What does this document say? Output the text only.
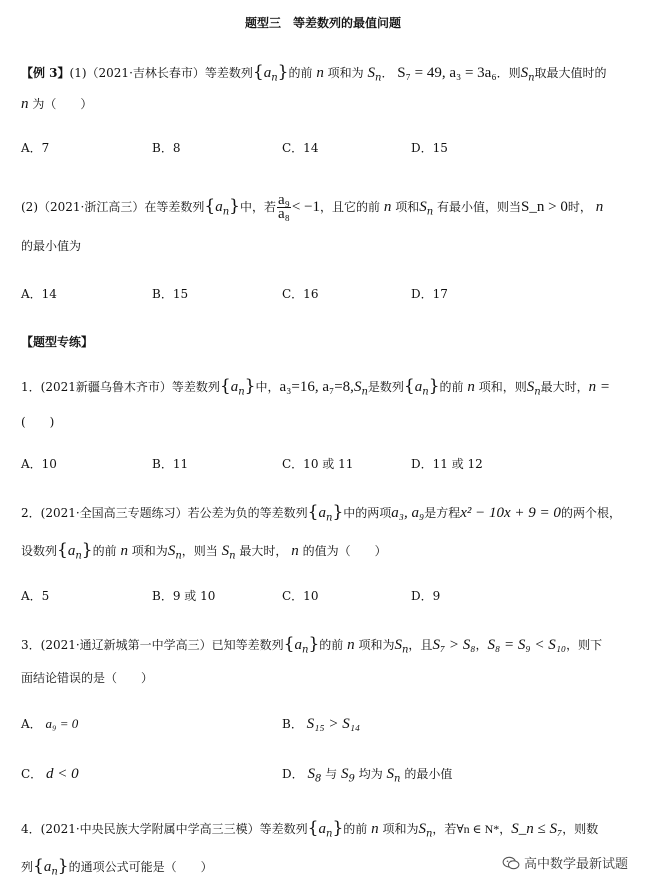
题型三　等差数列的最值问题
【例 3】(1)（2021·吉林长春市）等差数列$\{a_n\}$的前 n 项和为 $S_n$． S₇ = 49, a₃ = 3a₆．则$S_n$取最大值时的
n 为（　　）
A．7	B．8	C．14	D．15
(2)（2021·浙江高三）在等差数列$\{a_n\}$中，若 $\frac{\text{a₉}}{\text{a₈}} < -1$，且它的前 n 项和$S_n$ 有最小值，则当S_n > 0时， n
的最小值为
A．14	B．15	C．16	D．17
【题型专练】
1．(2021新疆乌鲁木齐市）等差数列$\{a_n\}$中，a₃=16, $a_7=8,S_n$是数列$\{a_n\}$的前 n 项和，则$S_n$最大时，n =
(　　)
A．10	B．11	C．10 或 11	D．11 或 12
2．(2021·全国高三专题练习）若公差为负的等差数列$\{a_n\}$中的两项a₃, a₉是方程x² − 10x + 9 = 0的两个根，
设数列$\{a_n\}$的前 n 项和为$S_n$，则当 $S_n$ 最大时， n 的值为（　　）
A．5	B．9 或 10	C．10	D．9
3．(2021·通辽新城第一中学高三）已知等差数列$\{a_n\}$的前 n 项和为$S_n$，且S₇ > S₈，S₈ = S₉ < S₁₀，则下
面结论错误的是（　　）
A． a₉ = 0	B． S₁₅ > S₁₄
C． d < 0	D． $S_8$ 与 $S_9$ 均为 $S_n$ 的最小值
4．(2021·中央民族大学附属中学高三三模）等差数列$\{a_n\}$的前 n 项和为$S_n$，若∀n ∈ N*，S_n ≤ S₇，则数
列$\{a_n\}$的通项公式可能是（　　）	高中数学最新试题
